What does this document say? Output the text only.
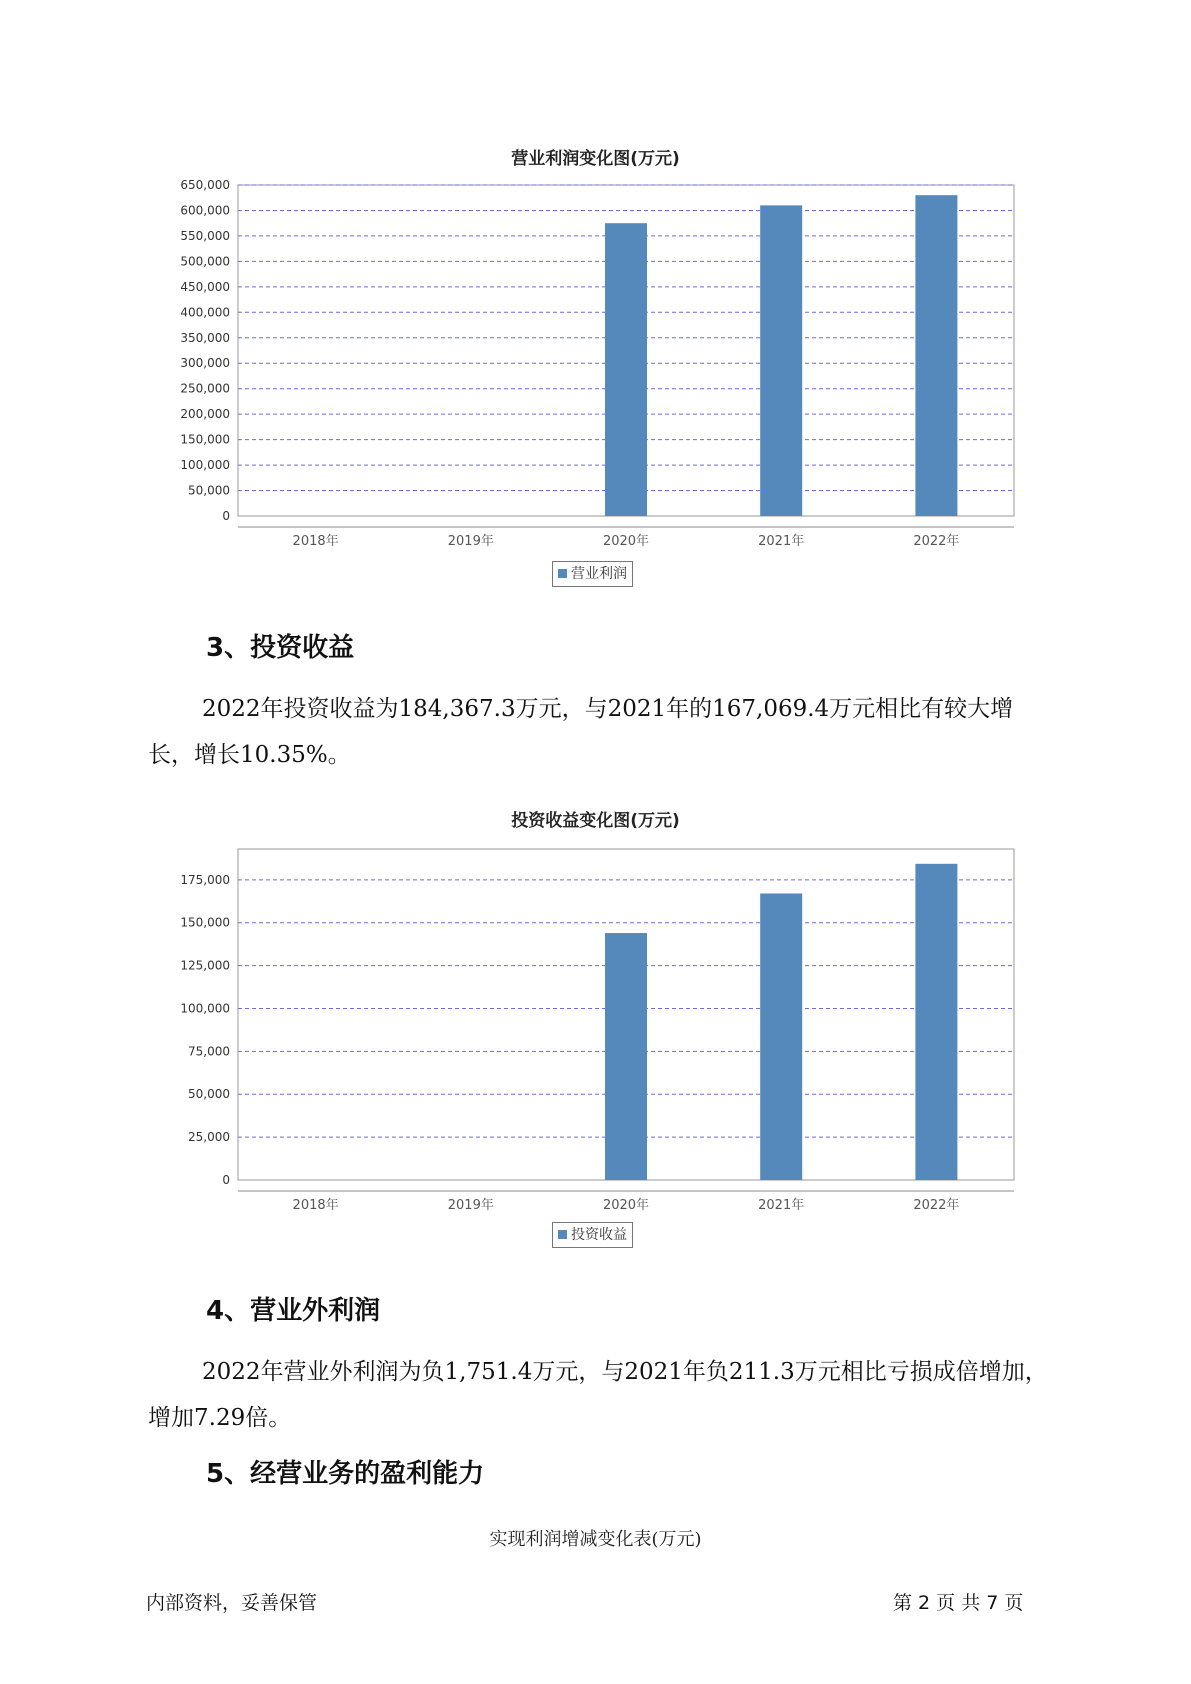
营业利润变化图(万元)
0
50,000
100,000
150,000
200,000
250,000
300,000
350,000
400,000
450,000
500,000
550,000
600,000
650,000
2018年	2019年	2020年	2021年	2022年
营业利润
3、投资收益
2022年投资收益为184,367.3万元，与2021年的167,069.4万元相比有较大增长，增长10.35%。
投资收益变化图(万元)
0
25,000
50,000
75,000
100,000
125,000
150,000
175,000
2018年	2019年	2020年	2021年	2022年
投资收益
4、营业外利润
2022年营业外利润为负1,751.4万元，与2021年负211.3万元相比亏损成倍增加，增加7.29倍。
5、经营业务的盈利能力
实现利润增减变化表(万元)
内部资料，妥善保管	第 2 页 共 7 页
